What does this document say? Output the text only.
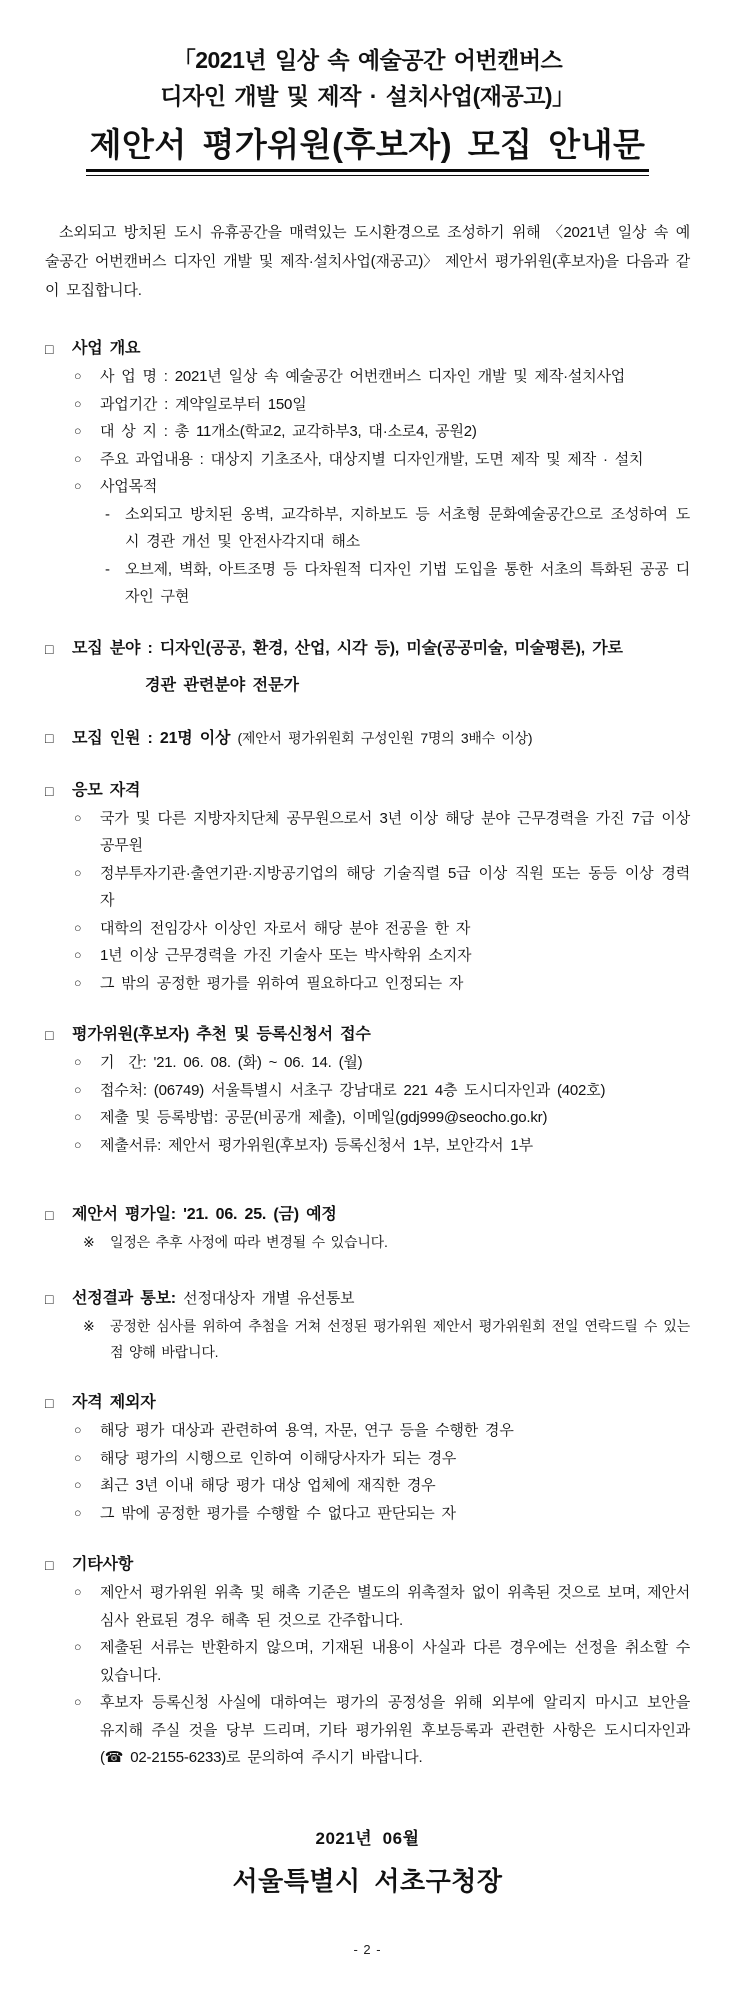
「2021년 일상 속 예술공간 어번캔버스
디자인 개발 및 제작 · 설치사업(재공고)」
제안서 평가위원(후보자) 모집 안내문

소외되고 방치된 도시 유휴공간을 매력있는 도시환경으로 조성하기 위해 〈2021년 일상 속 예술공간 어번캔버스 디자인 개발 및 제작·설치사업(재공고)〉 제안서 평가위원(후보자)을 다음과 같이 모집합니다.

□	사업 개요
○	사 업 명 : 2021년 일상 속 예술공간 어번캔버스 디자인 개발 및 제작·설치사업
○	과업기간 : 계약일로부터 150일
○	대 상 지 : 총 11개소(학교2, 교각하부3, 대·소로4, 공원2)
○	주요 과업내용 : 대상지 기초조사, 대상지별 디자인개발, 도면 제작 및 제작 · 설치
○	사업목적
-	소외되고 방치된 옹벽, 교각하부, 지하보도 등 서초형 문화예술공간으로 조성하여 도시 경관 개선 및 안전사각지대 해소
-	오브제, 벽화, 아트조명 등 다차원적 디자인 기법 도입을 통한 서초의 특화된 공공 디자인 구현
□	모집 분야 : 디자인(공공, 환경, 산업, 시각 등), 미술(공공미술, 미술평론), 가로
경관 관련분야 전문가
□	모집 인원 : 21명 이상 (제안서 평가위원회 구성인원 7명의 3배수 이상)
□	응모 자격
○	국가 및 다른 지방자치단체 공무원으로서 3년 이상 해당 분야 근무경력을 가진 7급 이상 공무원
○	정부투자기관·출연기관·지방공기업의 해당 기술직렬 5급 이상 직원 또는 동등 이상 경력자
○	대학의 전임강사 이상인 자로서 해당 분야 전공을 한 자
○	1년 이상 근무경력을 가진 기술사 또는 박사학위 소지자
○	그 밖의 공정한 평가를 위하여 필요하다고 인정되는 자
□	평가위원(후보자) 추천 및 등록신청서 접수
○	기  간: '21. 06. 08. (화) ~ 06. 14. (월)
○	접수처: (06749) 서울특별시 서초구 강남대로 221 4층 도시디자인과 (402호)
○	제출 및 등록방법: 공문(비공개 제출), 이메일(gdj999@seocho.go.kr)
○	제출서류: 제안서 평가위원(후보자) 등록신청서 1부, 보안각서 1부
□	제안서 평가일: '21. 06. 25. (금) 예정
※	일정은 추후 사정에 따라 변경될 수 있습니다.
□	선정결과 통보: 선정대상자 개별 유선통보
※	공정한 심사를 위하여 추첨을 거쳐 선정된 평가위원 제안서 평가위원회 전일 연락드릴 수 있는 점 양해 바랍니다.
□	자격 제외자
○	해당 평가 대상과 관련하여 용역, 자문, 연구 등을 수행한 경우
○	해당 평가의 시행으로 인하여 이해당사자가 되는 경우
○	최근 3년 이내 해당 평가 대상 업체에 재직한 경우
○	그 밖에 공정한 평가를 수행할 수 없다고 판단되는 자
□	기타사항
○	제안서 평가위원 위촉 및 해촉 기준은 별도의 위촉절차 없이 위촉된 것으로 보며, 제안서 심사 완료된 경우 해촉 된 것으로 간주합니다.
○	제출된 서류는 반환하지 않으며, 기재된 내용이 사실과 다른 경우에는 선정을 취소할 수 있습니다.
○	후보자 등록신청 사실에 대하여는 평가의 공정성을 위해 외부에 알리지 마시고 보안을 유지해 주실 것을 당부 드리며, 기타 평가위원 후보등록과 관련한 사항은 도시디자인과(☎ 02-2155-6233)로 문의하여 주시기 바랍니다.
2021년  06월
서울특별시 서초구청장
- 2 -
